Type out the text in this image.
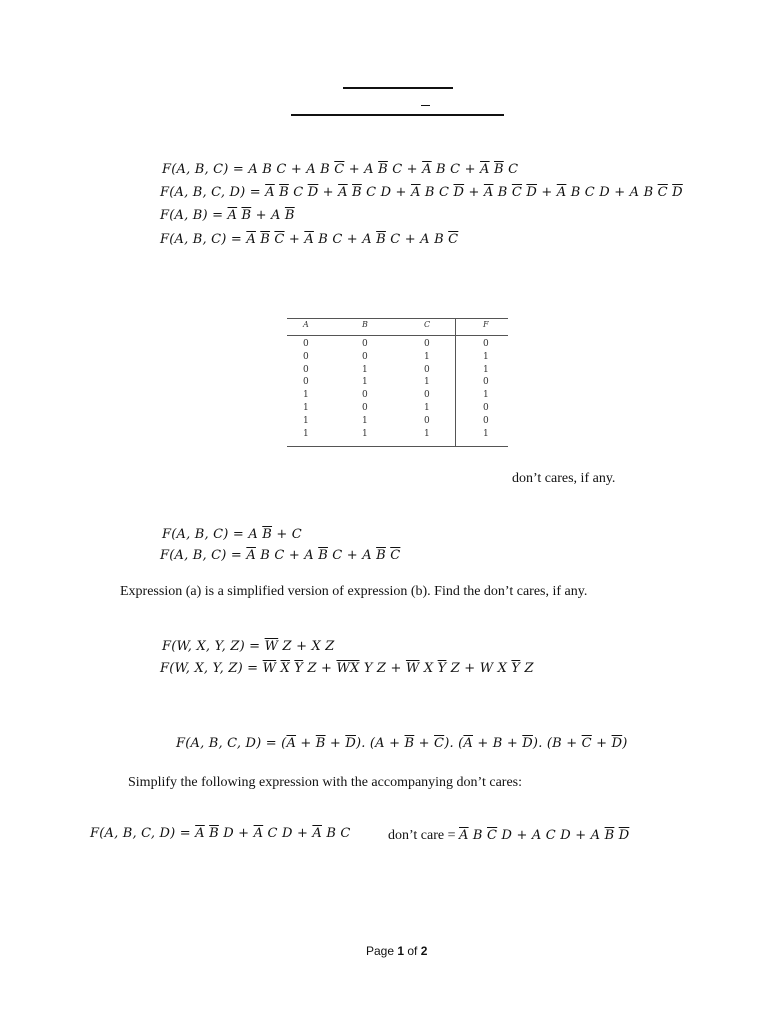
F(A, B, C) = A B C + A B $\overline{C} + A$ $\overline{B}$ $C + \overline{A}$ B $C + \overline{A}$ $\overline{B}$ C
F(A, B, C, $D) = \overline{A}$ $\overline{B}$ C $\overline{D} + \overline{A}$ $\overline{B}$ C $D + \overline{A}$ B C $\overline{D} + \overline{A}$ B $\overline{C}$ $\overline{D} + \overline{A}$ B C D + A B $\overline{C}$ $\overline{D}$
F(A, $B) = \overline{A}$ $\overline{B} + A$ $\overline{B}$
F(A, B, $C) = \overline{A}$ $\overline{B}$ $\overline{C} + \overline{A}$ B C + A $\overline{B}$ C + A B $\overline{C}$
A	B	C	F
0	0	0	0
0	0	1	1
0	1	0	1
0	1	1	0
1	0	0	1
1	0	1	0
1	1	0	0
1	1	1	1
don’t cares, if any.
F(A, B, C) = A $\overline{B} + C$
F(A, B, $C) = \overline{A}$ B C + A $\overline{B}$ C + A $\overline{B}$ $\overline{C}$
Expression (a) is a simplified version of expression (b). Find the don’t cares, if any.
F(W, X, Y, $Z) = \overline{W}$ Z + X Z
F(W, X, Y, $Z) = \overline{W}$ $\overline{X}$ $\overline{Y}$ $Z + \overline{WX}$ Y $Z + \overline{W}$ X $\overline{Y}$ Z + W X $\overline{Y}$ Z
F(A, B, C, $D) = (\overline{A} + \overline{B} + \overline{D})$. $(A + \overline{B} + \overline{C})$. $(\overline{A} + B + \overline{D})$. $(B + \overline{C} + \overline{D})$
Simplify the following expression with the accompanying don’t cares:
F(A, B, C, $D) = \overline{A}$ $\overline{B}$ $D + \overline{A}$ C $D + \overline{A}$ B C	don’t care = $\overline{A}$ B $\overline{C}$ D + A C D + A $\overline{B}$ $\overline{D}$
Page 1 of 2
